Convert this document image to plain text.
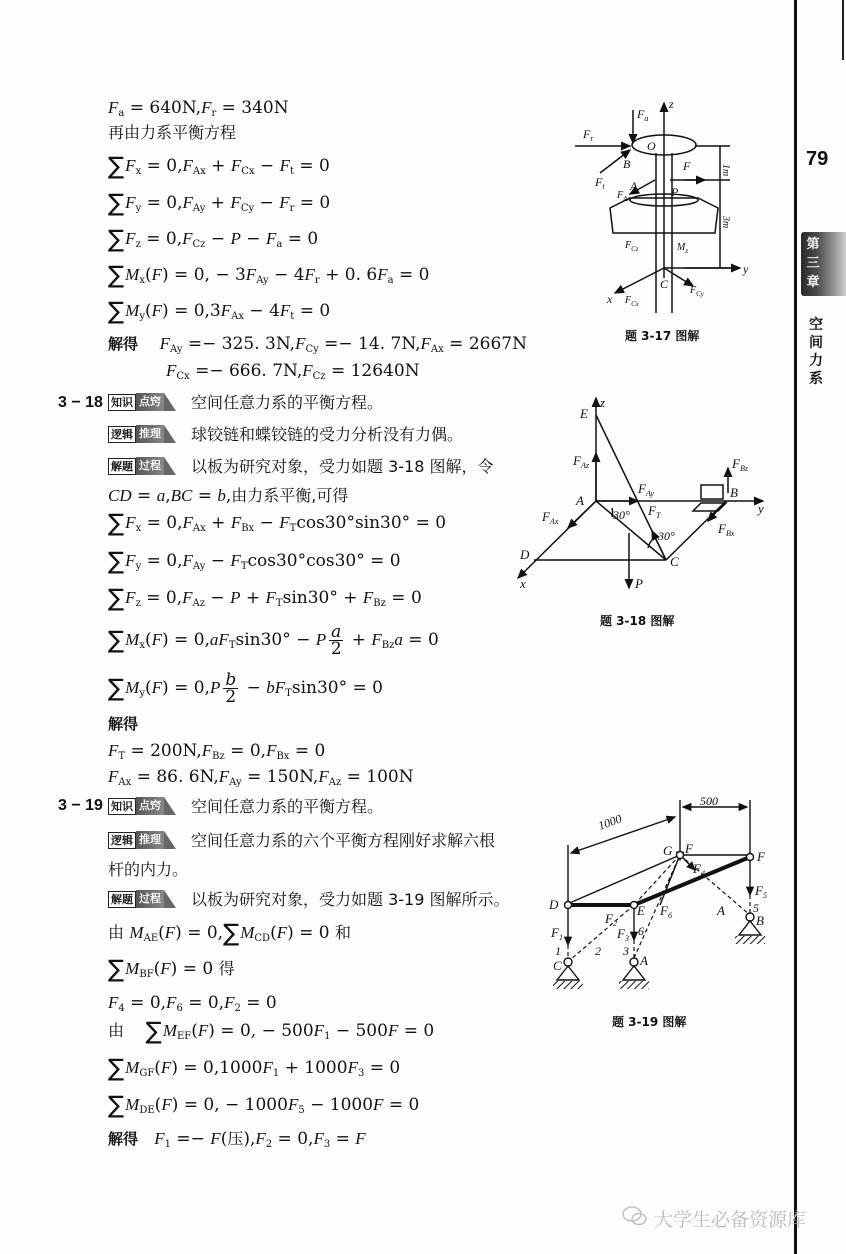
79
第三章
空间力系
$F_a = 640N,F_r = 340N$
再由力系平衡方程
$\sum F_x = 0,F_{Ax} + F_{Cx} - F_t = 0$
$\sum F_y = 0,F_{Ay} + F_{Cy} - F_r = 0$
$\sum F_z = 0,F_{Cz} - P - F_a = 0$
$\sum M_x(F) = 0$, − $3F_{Ay} - 4F_r + 0$. $6F_a = 0$
$\sum M_y(F) = 0,3F_{Ax} - 4F_t = 0$
解得 $F_{Ay} =- 325$. $3N,F_{Cy} =- 14$. $7N,F_{Ax} = 2667N$
$F_{Cx} =- 666$. $7N,F_{Cz} = 12640N$
z
$F_a$
$F_r$
O
B
$F_t$ A
$F_{Ax}$
F	1m
P
3m
$F_{Cz}$	$M_z$
y
$F_{Cy}$
C
x $F_{Cx}$
题 3-17 图解
3 − 18 知识 点窍 空间任意力系的平衡方程。
逻辑 推理 球铰链和蝶铰链的受力分析没有力偶。
解题 过程 以板为研究对象，受力如题 3-18 图解，令
CD = a,BC = b,由力系平衡,可得
$\sum F_x = 0,F_{Ax} + F_{Bx} - F_T\cos 30^\circ\sin 30^\circ = 0$
$\sum F_y = 0,F_{Ay} - F_T\cos 30^\circ\cos 30^\circ = 0$
$\sum F_z = 0,F_{Az} - P + F_T\sin 30^\circ + F_{Bz} = 0$
$\sum M_x(F) = 0,aF_T\sin 30^\circ - P \frac{a}{2} + F_{Bz}a = 0$
$\sum M_y(F) = 0,P \frac{b}{2} - bF_T\sin 30^\circ = 0$
解得
$F_T = 200N,F_{Bz} = 0,F_{Bx} = 0$
$F_{Ax} = 86$. $6N,F_{Ay} = 150N,F_{Az} = 100N$
E
z
$F_{Az}$
A
$F_{Ay}$
30° $F_T$
30°
$F_{Bz}$
B
y
$F_{Ax}$
D	C
x	P
$F_{Bx}$
题 3-18 图解
3 − 19 知识 点窍 空间任意力系的平衡方程。
逻辑 推理 空间任意力系的六个平衡方程刚好求解六根
杆的内力。
解题 过程 以板为研究对象，受力如题 3-19 图解所示。
由 $M_{AE}(F) = 0,\sum M_{CD}(F) = 0$ 和
$\sum M_{BF}(F) = 0$ 得
$F_4 = 0,F_6 = 0,F_2 = 0$
由 $\sum M_{EF}(F) = 0$, − $500F_1 - 500F = 0$
$\sum M_{GF}(F) = 0,1000F_1 + 1000F_3 = 0$
$\sum M_{DE}(F) = 0$, − $1000F_5 - 1000F = 0$
解得 $F_1 =- F$(压)$,F_2 = 0,F_3 = F$
500
1000
G F
F
$F_4$
D	E
$F_2$
$F_6$	A
$F_5$
5
B
$F_1$	$F_3$
6
1	2 3
C	A
题 3-19 图解
大学生必备资源库
